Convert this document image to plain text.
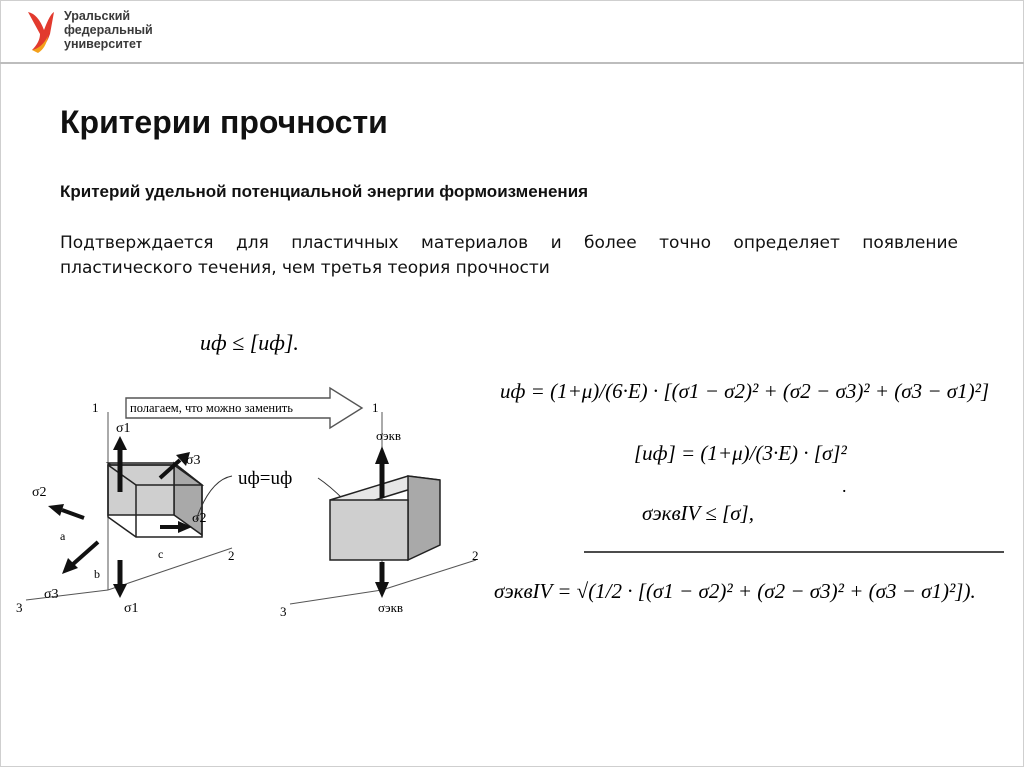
Уральский
федеральный
университет
Критерии прочности
Критерий удельной потенциальной энергии формоизменения

Подтверждается для пластичных материалов и более точно определяет появление
пластического течения, чем третья теория прочности

1
2
3
σ1
σ1
σ2
σ2
σ3
σ3
a
b
c
полагаем, что можно заменить
uф=uф
1
2
3
σэкв
σэкв
uф ≤ [uф].
uф = (1+μ)/(6·E) · [(σ1 − σ2)² + (σ2 − σ3)² + (σ3 − σ1)²]
[uф] = (1+μ)/(3·E) · [σ]²
.
σэквIV ≤ [σ],
σэквIV = √(1/2 · [(σ1 − σ2)² + (σ2 − σ3)² + (σ3 − σ1)²]).
